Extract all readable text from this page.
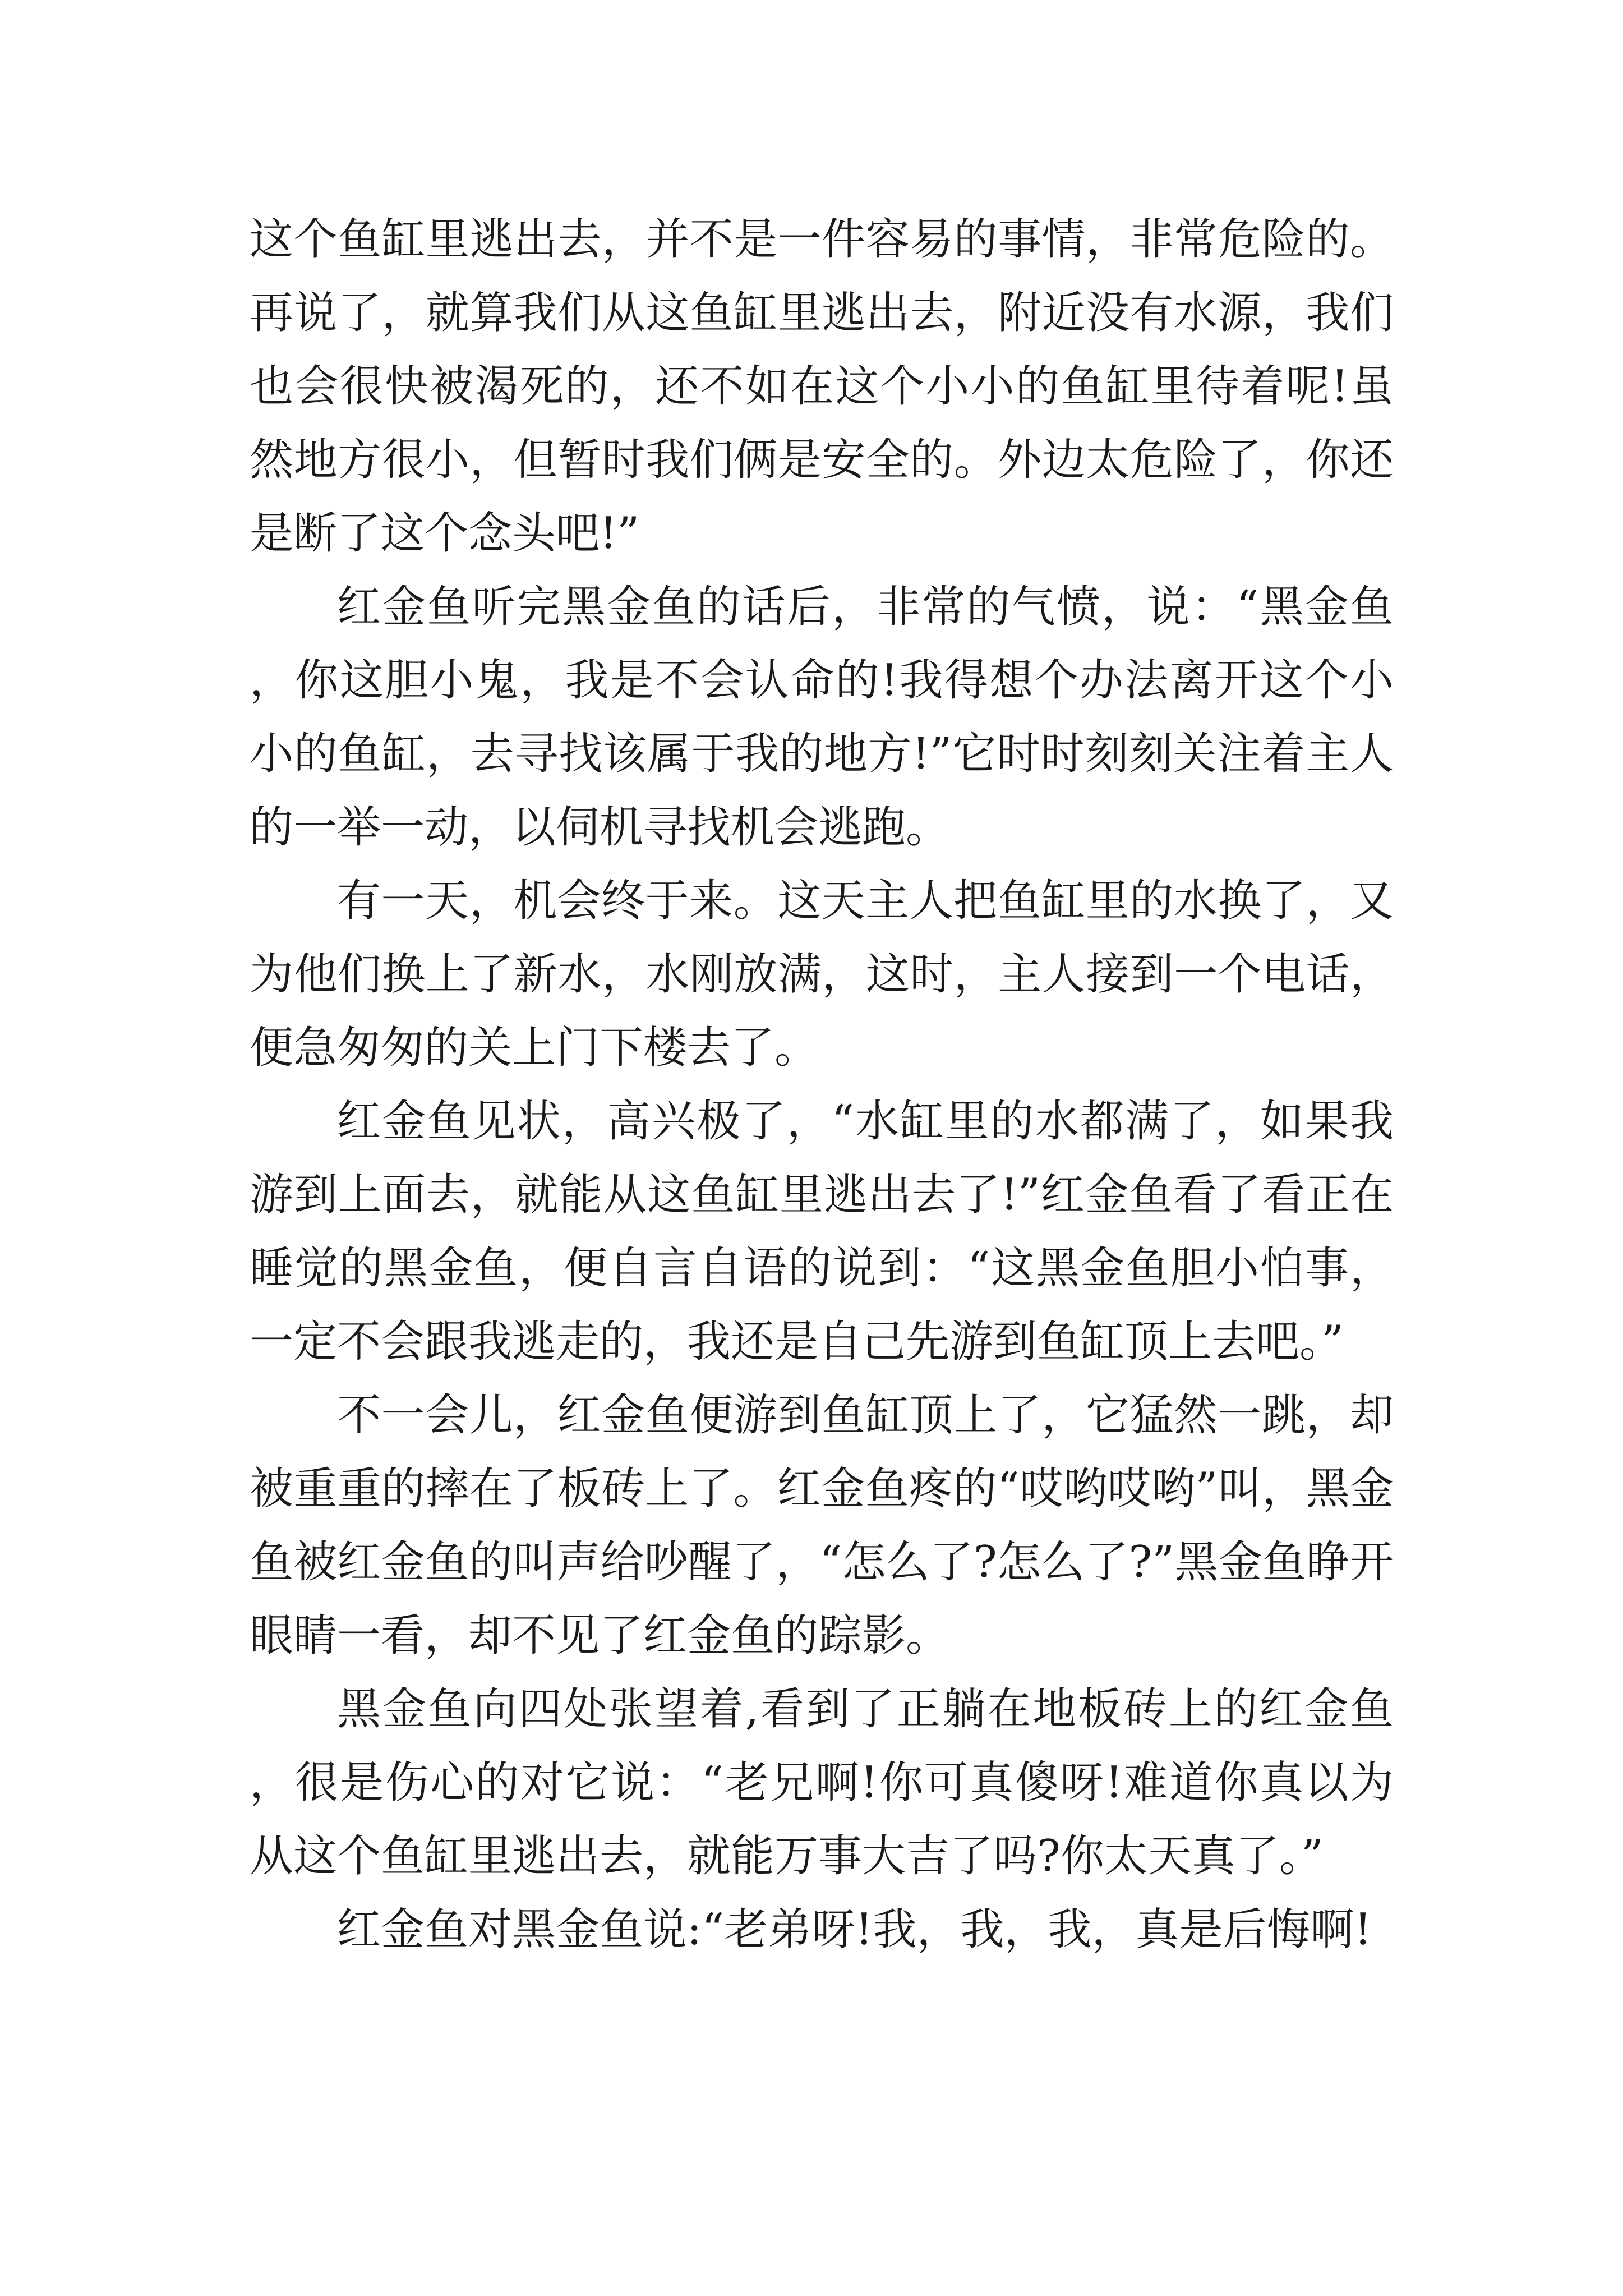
这个鱼缸里逃出去，并不是一件容易的事情，非常危险的。再说了，就算我们从这鱼缸里逃出去，附近没有水源，我们也会很快被渴死的，还不如在这个小小的鱼缸里待着呢!虽然地方很小，但暂时我们俩是安全的。外边太危险了，你还是断了这个念头吧!”

红金鱼听完黑金鱼的话后，非常的气愤，说：“黑金鱼，你这胆小鬼，我是不会认命的!我得想个办法离开这个小小的鱼缸，去寻找该属于我的地方!”它时时刻刻关注着主人的一举一动，以伺机寻找机会逃跑。

有一天，机会终于来。这天主人把鱼缸里的水换了，又为他们换上了新水，水刚放满，这时，主人接到一个电话，便急匆匆的关上门下楼去了。

红金鱼见状，高兴极了，“水缸里的水都满了，如果我游到上面去，就能从这鱼缸里逃出去了!”红金鱼看了看正在睡觉的黑金鱼，便自言自语的说到：“这黑金鱼胆小怕事，一定不会跟我逃走的，我还是自己先游到鱼缸顶上去吧。”

不一会儿，红金鱼便游到鱼缸顶上了，它猛然一跳，却被重重的摔在了板砖上了。红金鱼疼的“哎哟哎哟”叫，黑金鱼被红金鱼的叫声给吵醒了，“怎么了?怎么了?”黑金鱼睁开眼睛一看，却不见了红金鱼的踪影。

黑金鱼向四处张望着,看到了正躺在地板砖上的红金鱼，很是伤心的对它说：“老兄啊!你可真傻呀!难道你真以为从这个鱼缸里逃出去，就能万事大吉了吗?你太天真了。”

红金鱼对黑金鱼说:“老弟呀!我，我，我，真是后悔啊!
